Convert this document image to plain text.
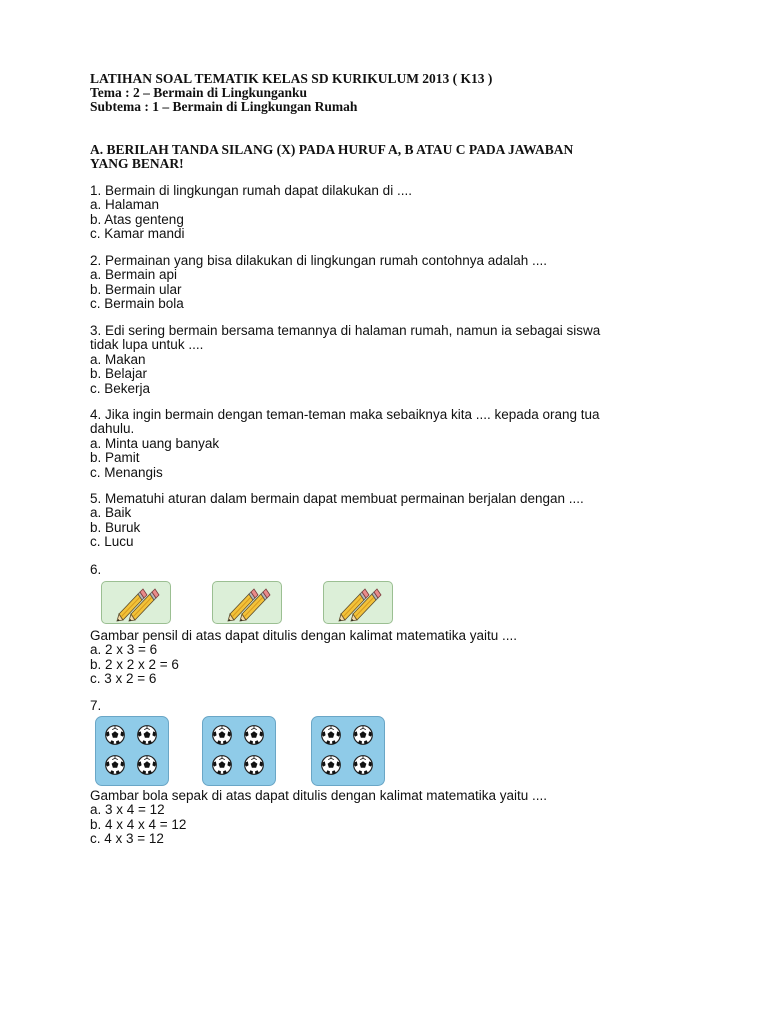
LATIHAN SOAL TEMATIK KELAS SD KURIKULUM 2013 ( K13 )
Tema : 2 – Bermain di Lingkunganku
Subtema : 1 – Bermain di Lingkungan Rumah
A. BERILAH TANDA SILANG (X) PADA HURUF A, B ATAU C PADA JAWABAN
YANG BENAR!
1. Bermain di lingkungan rumah dapat dilakukan di ....
a. Halaman
b. Atas genteng
c. Kamar mandi
2. Permainan yang bisa dilakukan di lingkungan rumah contohnya adalah ....
a. Bermain api
b. Bermain ular
c. Bermain bola
3. Edi sering bermain bersama temannya di halaman rumah, namun ia sebagai siswa
tidak lupa untuk ....
a. Makan
b. Belajar
c. Bekerja
4. Jika ingin bermain dengan teman-teman maka sebaiknya kita .... kepada orang tua
dahulu.
a. Minta uang banyak
b. Pamit
c. Menangis
5. Mematuhi aturan dalam bermain dapat membuat permainan berjalan dengan ....
a. Baik
b. Buruk
c. Lucu
6.
Gambar pensil di atas dapat ditulis dengan kalimat matematika yaitu ....
a. 2 x 3 = 6
b. 2 x 2 x 2 = 6
c. 3 x 2 = 6
7.
Gambar bola sepak di atas dapat ditulis dengan kalimat matematika yaitu ....
a. 3 x 4 = 12
b. 4 x 4 x 4 = 12
c. 4 x 3 = 12
